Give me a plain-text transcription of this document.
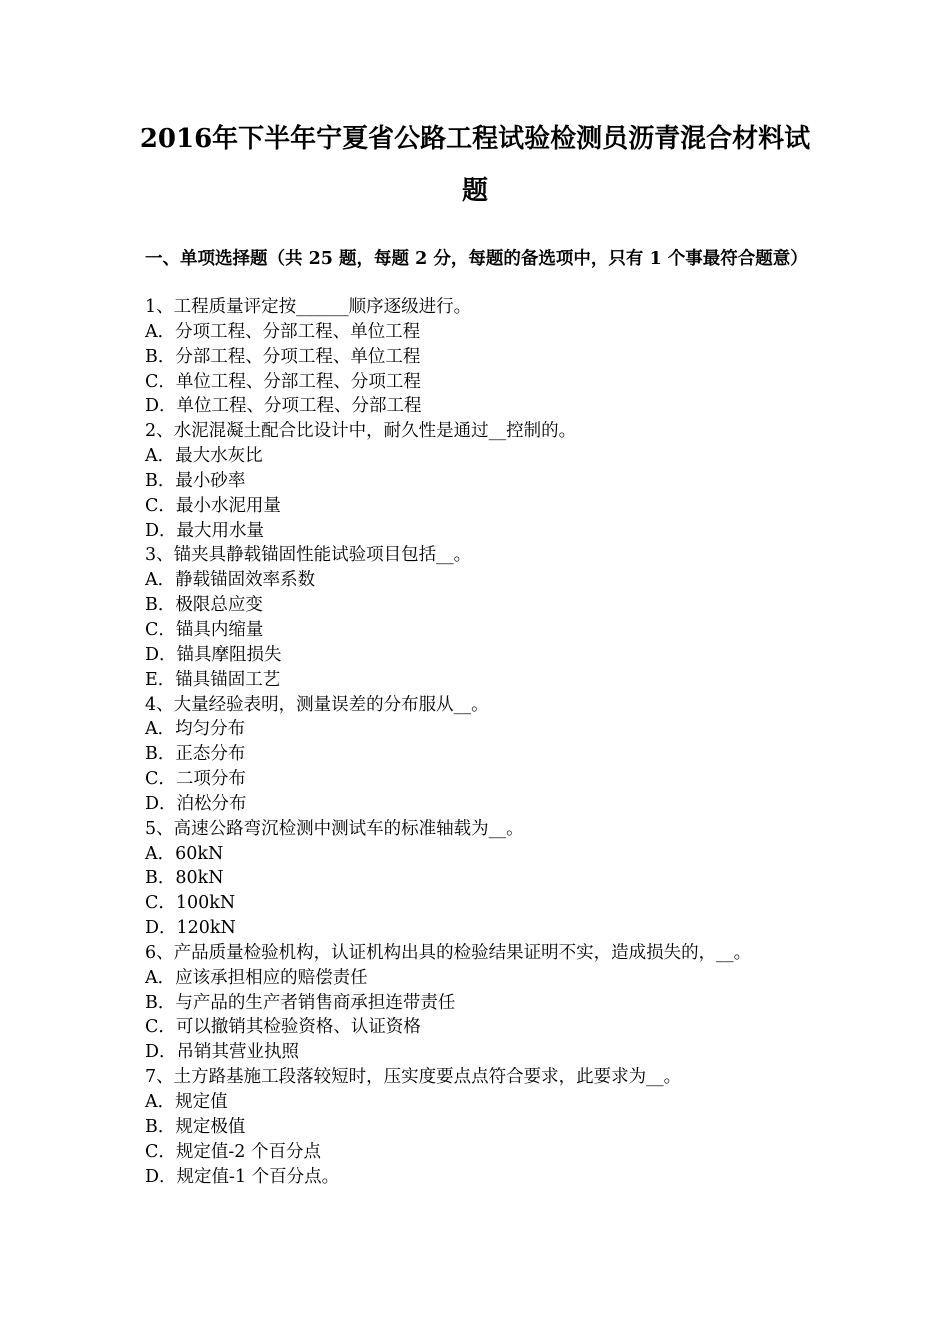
2016年下半年宁夏省公路工程试验检测员沥青混合材料试
题
一、单项选择题（共 25 题，每题 2 分，每题的备选项中，只有 1 个事最符合题意）
1、工程质量评定按______顺序逐级进行。
A．分项工程、分部工程、单位工程
B．分部工程、分项工程、单位工程
C．单位工程、分部工程、分项工程
D．单位工程、分项工程、分部工程
2、水泥混凝土配合比设计中，耐久性是通过__控制的。
A．最大水灰比
B．最小砂率
C．最小水泥用量
D．最大用水量
3、锚夹具静载锚固性能试验项目包括__。
A．静载锚固效率系数
B．极限总应变
C．锚具内缩量
D．锚具摩阻损失
E．锚具锚固工艺
4、大量经验表明，测量误差的分布服从__。
A．均匀分布
B．正态分布
C．二项分布
D．泊松分布
5、高速公路弯沉检测中测试车的标准轴载为__。
A．60kN
B．80kN
C．100kN
D．120kN
6、产品质量检验机构，认证机构出具的检验结果证明不实，造成损失的，__。
A．应该承担相应的赔偿责任
B．与产品的生产者销售商承担连带责任
C．可以撤销其检验资格、认证资格
D．吊销其营业执照
7、土方路基施工段落较短时，压实度要点点符合要求，此要求为__。
A．规定值
B．规定极值
C．规定值-2 个百分点
D．规定值-1 个百分点。
